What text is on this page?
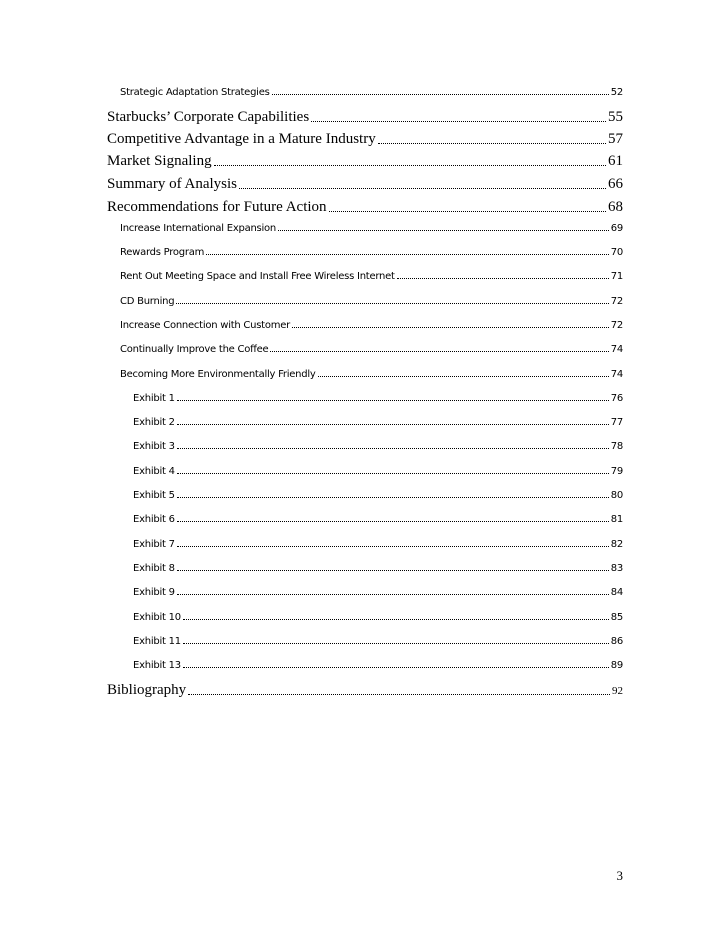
Strategic Adaptation Strategies	52
Starbucks’ Corporate Capabilities	55
Competitive Advantage in a Mature Industry	57
Market Signaling	61
Summary of Analysis	66
Recommendations for Future Action	68
Increase International Expansion	69
Rewards Program	70
Rent Out Meeting Space and Install Free Wireless Internet	71
CD Burning	72
Increase Connection with Customer	72
Continually Improve the Coffee	74
Becoming More Environmentally Friendly	74
Exhibit 1	76
Exhibit 2	77
Exhibit 3	78
Exhibit 4	79
Exhibit 5	80
Exhibit 6	81
Exhibit 7	82
Exhibit 8	83
Exhibit 9	84
Exhibit 10	85
Exhibit 11	86
Exhibit 13	89
Bibliography	92
3
